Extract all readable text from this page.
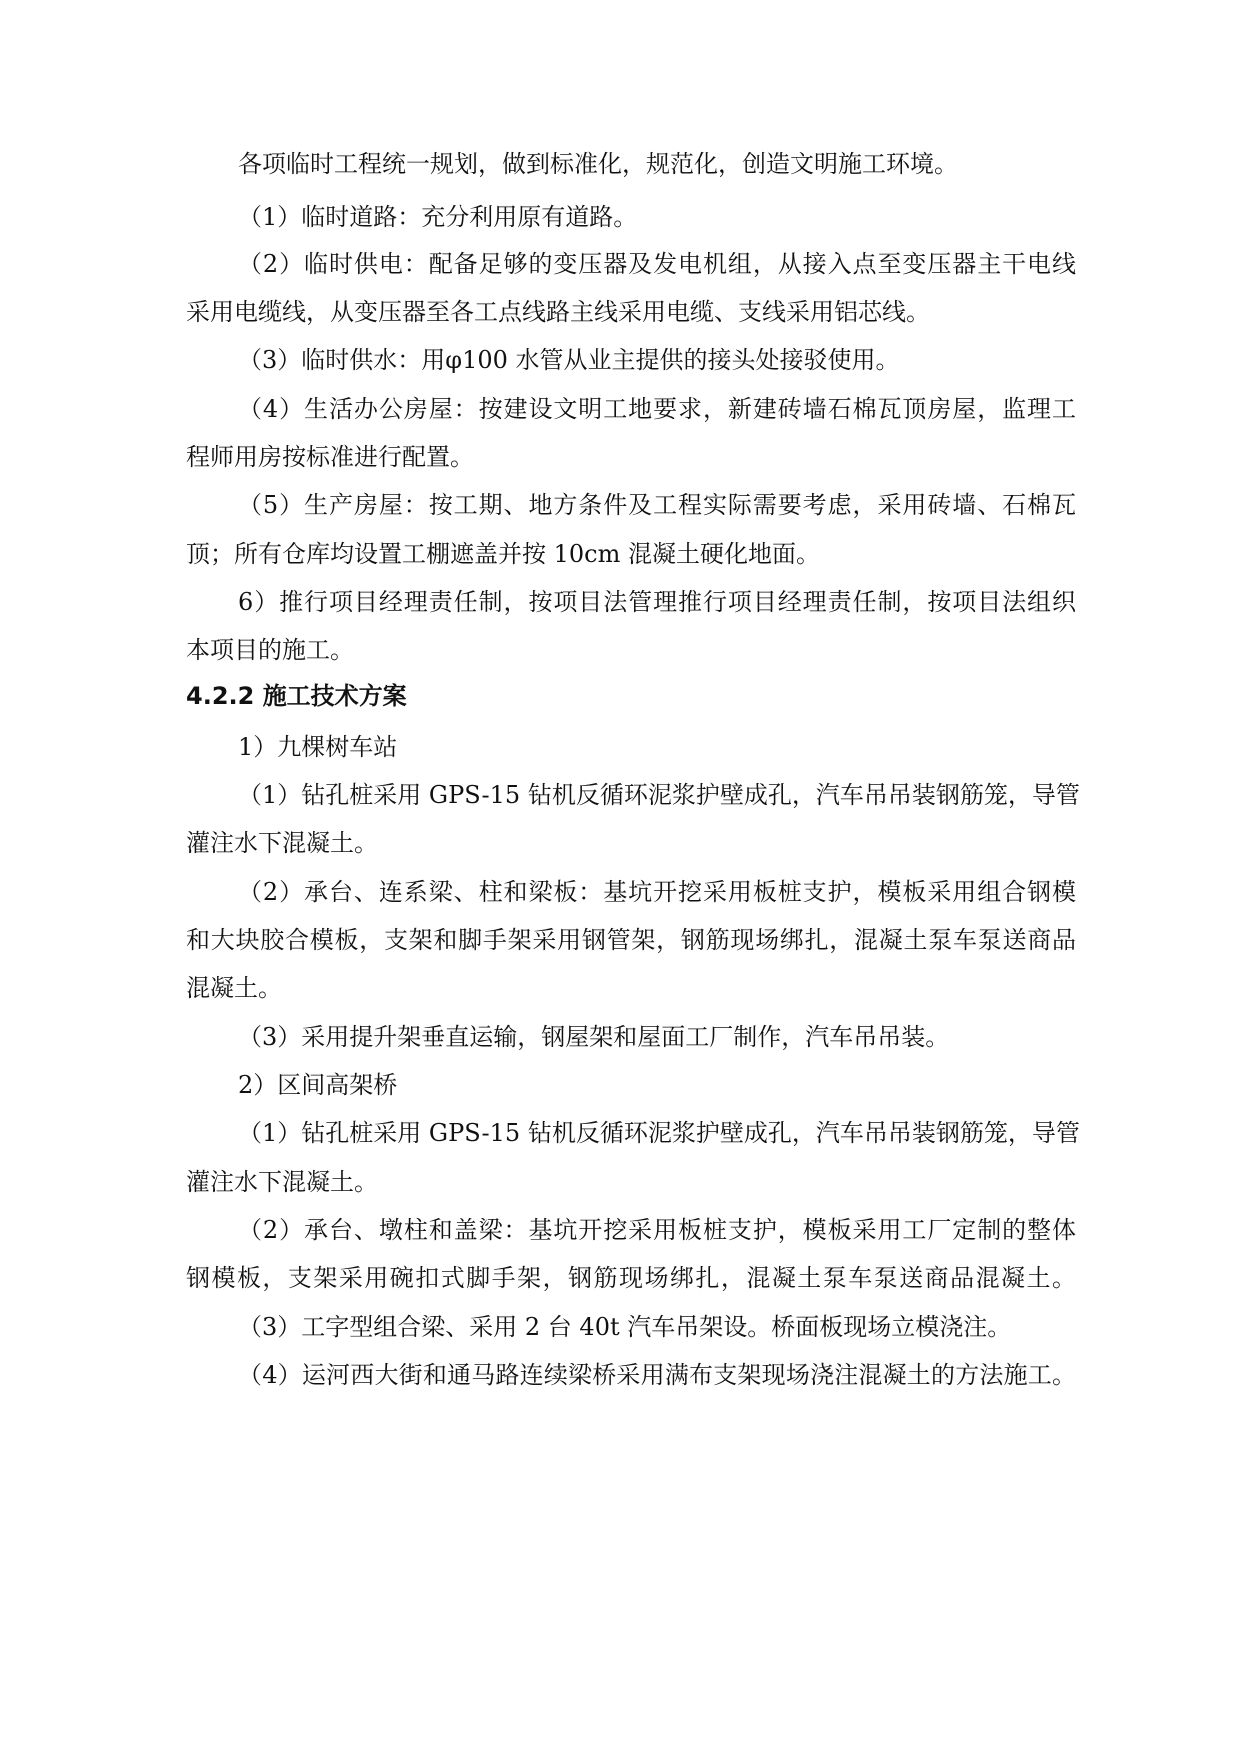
各项临时工程统一规划，做到标准化，规范化，创造文明施工环境。
（1）临时道路：充分利用原有道路。
（2）临时供电：配备足够的变压器及发电机组，从接入点至变压器主干电线
采用电缆线，从变压器至各工点线路主线采用电缆、支线采用铝芯线。
（3）临时供水：用φ100 水管从业主提供的接头处接驳使用。
（4）生活办公房屋：按建设文明工地要求，新建砖墙石棉瓦顶房屋，监理工
程师用房按标准进行配置。
（5）生产房屋：按工期、地方条件及工程实际需要考虑，采用砖墙、石棉瓦
顶；所有仓库均设置工棚遮盖并按 10cm 混凝土硬化地面。
6）推行项目经理责任制，按项目法管理推行项目经理责任制，按项目法组织
本项目的施工。
4.2.2 施工技术方案
1）九棵树车站
（1）钻孔桩采用 GPS-15 钻机反循环泥浆护壁成孔，汽车吊吊装钢筋笼，导管
灌注水下混凝土。
（2）承台、连系梁、柱和梁板：基坑开挖采用板桩支护，模板采用组合钢模
和大块胶合模板，支架和脚手架采用钢管架，钢筋现场绑扎，混凝土泵车泵送商品
混凝土。
（3）采用提升架垂直运输，钢屋架和屋面工厂制作，汽车吊吊装。
2）区间高架桥
（1）钻孔桩采用 GPS-15 钻机反循环泥浆护壁成孔，汽车吊吊装钢筋笼，导管
灌注水下混凝土。
（2）承台、墩柱和盖梁：基坑开挖采用板桩支护，模板采用工厂定制的整体
钢模板，支架采用碗扣式脚手架，钢筋现场绑扎，混凝土泵车泵送商品混凝土。
（3）工字型组合梁、采用 2 台 40t 汽车吊架设。桥面板现场立模浇注。
（4）运河西大街和通马路连续梁桥采用满布支架现场浇注混凝土的方法施工。
